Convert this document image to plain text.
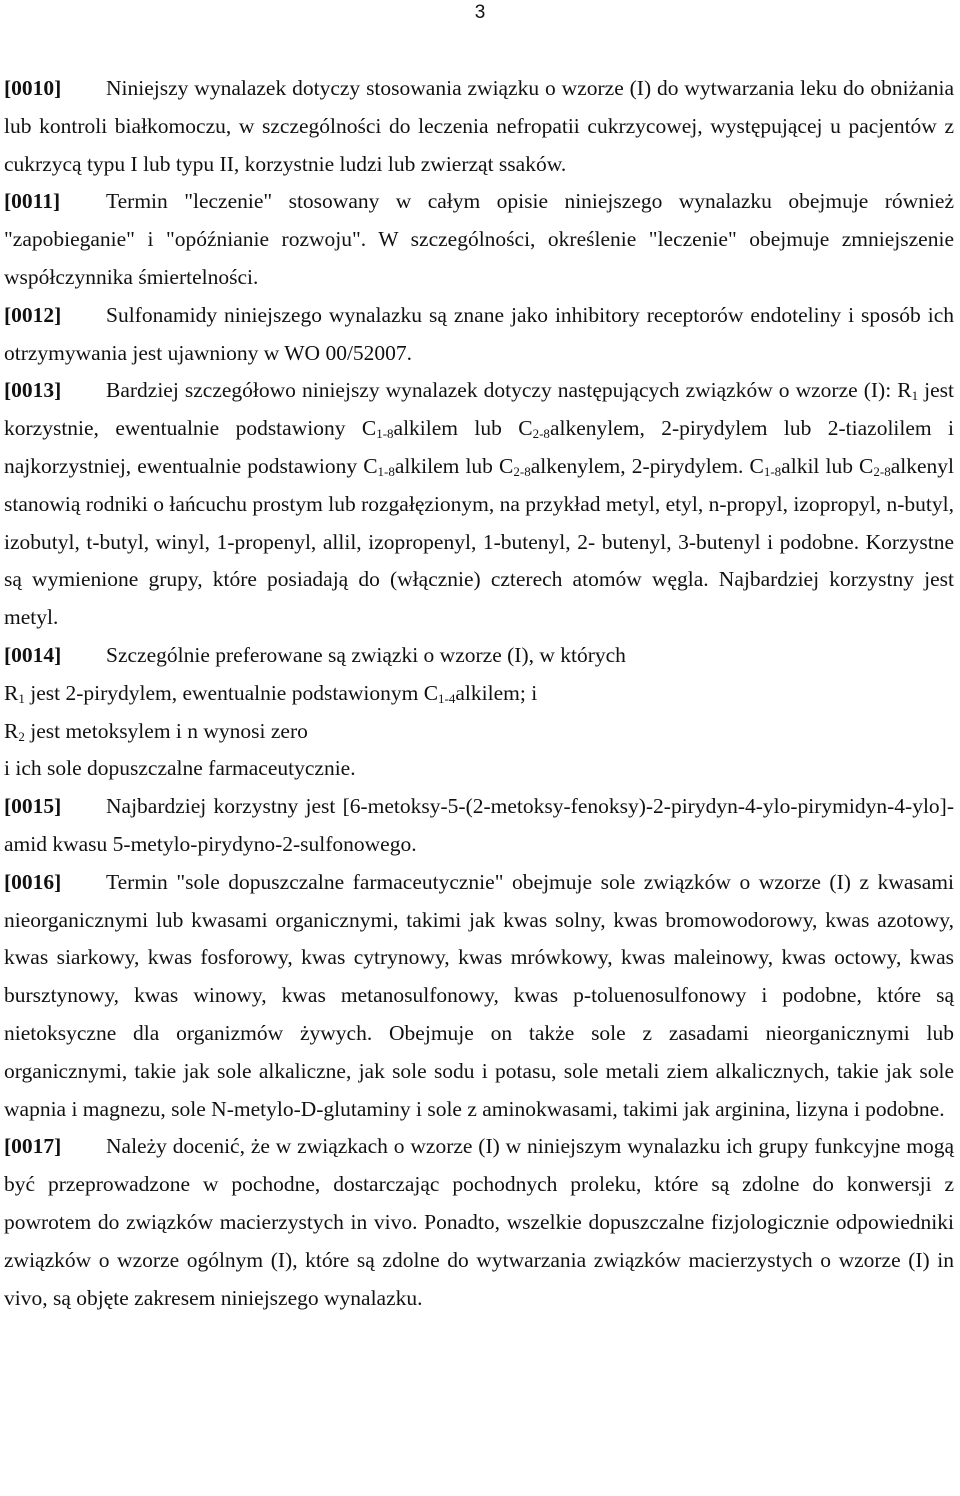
3

[0010] Niniejszy wynalazek dotyczy stosowania związku o wzorze (I) do wytwarzania leku do obniżania lub kontroli białkomoczu, w szczególności do leczenia nefropatii cukrzycowej, występującej u pacjentów z cukrzycą typu I lub typu II, korzystnie ludzi lub zwierząt ssaków.

[0011] Termin "leczenie" stosowany w całym opisie niniejszego wynalazku obejmuje również "zapobieganie" i "opóźnianie rozwoju". W szczególności, określenie "leczenie" obejmuje zmniejszenie współczynnika śmiertelności.

[0012] Sulfonamidy niniejszego wynalazku są znane jako inhibitory receptorów endoteliny i sposób ich otrzymywania jest ujawniony w WO 00/52007.

[0013] Bardziej szczegółowo niniejszy wynalazek dotyczy następujących związków o wzorze (I): $R_1$ jest korzystnie, ewentualnie podstawiony $C_{1-8}alkilem$ lub $C_{2-8}alkenylem$, 2-pirydylem lub 2-tiazolilem i najkorzystniej, ewentualnie podstawiony $C_{1-8}alkilem$ lub $C_{2-8}alkenylem$, 2-pirydylem. $C_{1-8}alkil$ lub $C_{2-8}alkenyl$ stanowią rodniki o łańcuchu prostym lub rozgałęzionym, na przykład metyl, etyl, n-propyl, izopropyl, n-butyl, izobutyl, t-butyl, winyl, 1-propenyl, allil, izopropenyl, 1-butenyl, 2- butenyl, 3-butenyl i podobne. Korzystne są wymienione grupy, które posiadają do (włącznie) czterech atomów węgla. Najbardziej korzystny jest metyl.

[0014] Szczególnie preferowane są związki o wzorze (I), w których
$R_1$ jest 2-pirydylem, ewentualnie podstawionym $C_{1-4}alkilem$; i
$R_2$ jest metoksylem i n wynosi zero
i ich sole dopuszczalne farmaceutycznie.

[0015] Najbardziej korzystny jest [6-metoksy-5-(2-metoksy-fenoksy)-2-pirydyn-4-ylo-pirymidyn-4-ylo]-amid kwasu 5-metylo-pirydyno-2-sulfonowego.

[0016] Termin "sole dopuszczalne farmaceutycznie" obejmuje sole związków o wzorze (I) z kwasami nieorganicznymi lub kwasami organicznymi, takimi jak kwas solny, kwas bromowodorowy, kwas azotowy, kwas siarkowy, kwas fosforowy, kwas cytrynowy, kwas mrówkowy, kwas maleinowy, kwas octowy, kwas bursztynowy, kwas winowy, kwas metanosulfonowy, kwas p-toluenosulfonowy i podobne, które są nietoksyczne dla organizmów żywych. Obejmuje on także sole z zasadami nieorganicznymi lub organicznymi, takie jak sole alkaliczne, jak sole sodu i potasu, sole metali ziem alkalicznych, takie jak sole wapnia i magnezu, sole N-metylo-D-glutaminy i sole z aminokwasami, takimi jak arginina, lizyna i podobne.

[0017] Należy docenić, że w związkach o wzorze (I) w niniejszym wynalazku ich grupy funkcyjne mogą być przeprowadzone w pochodne, dostarczając pochodnych proleku, które są zdolne do konwersji z powrotem do związków macierzystych in vivo. Ponadto, wszelkie dopuszczalne fizjologicznie odpowiedniki związków o wzorze ogólnym (I), które są zdolne do wytwarzania związków macierzystych o wzorze (I) in vivo, są objęte zakresem niniejszego wynalazku.
